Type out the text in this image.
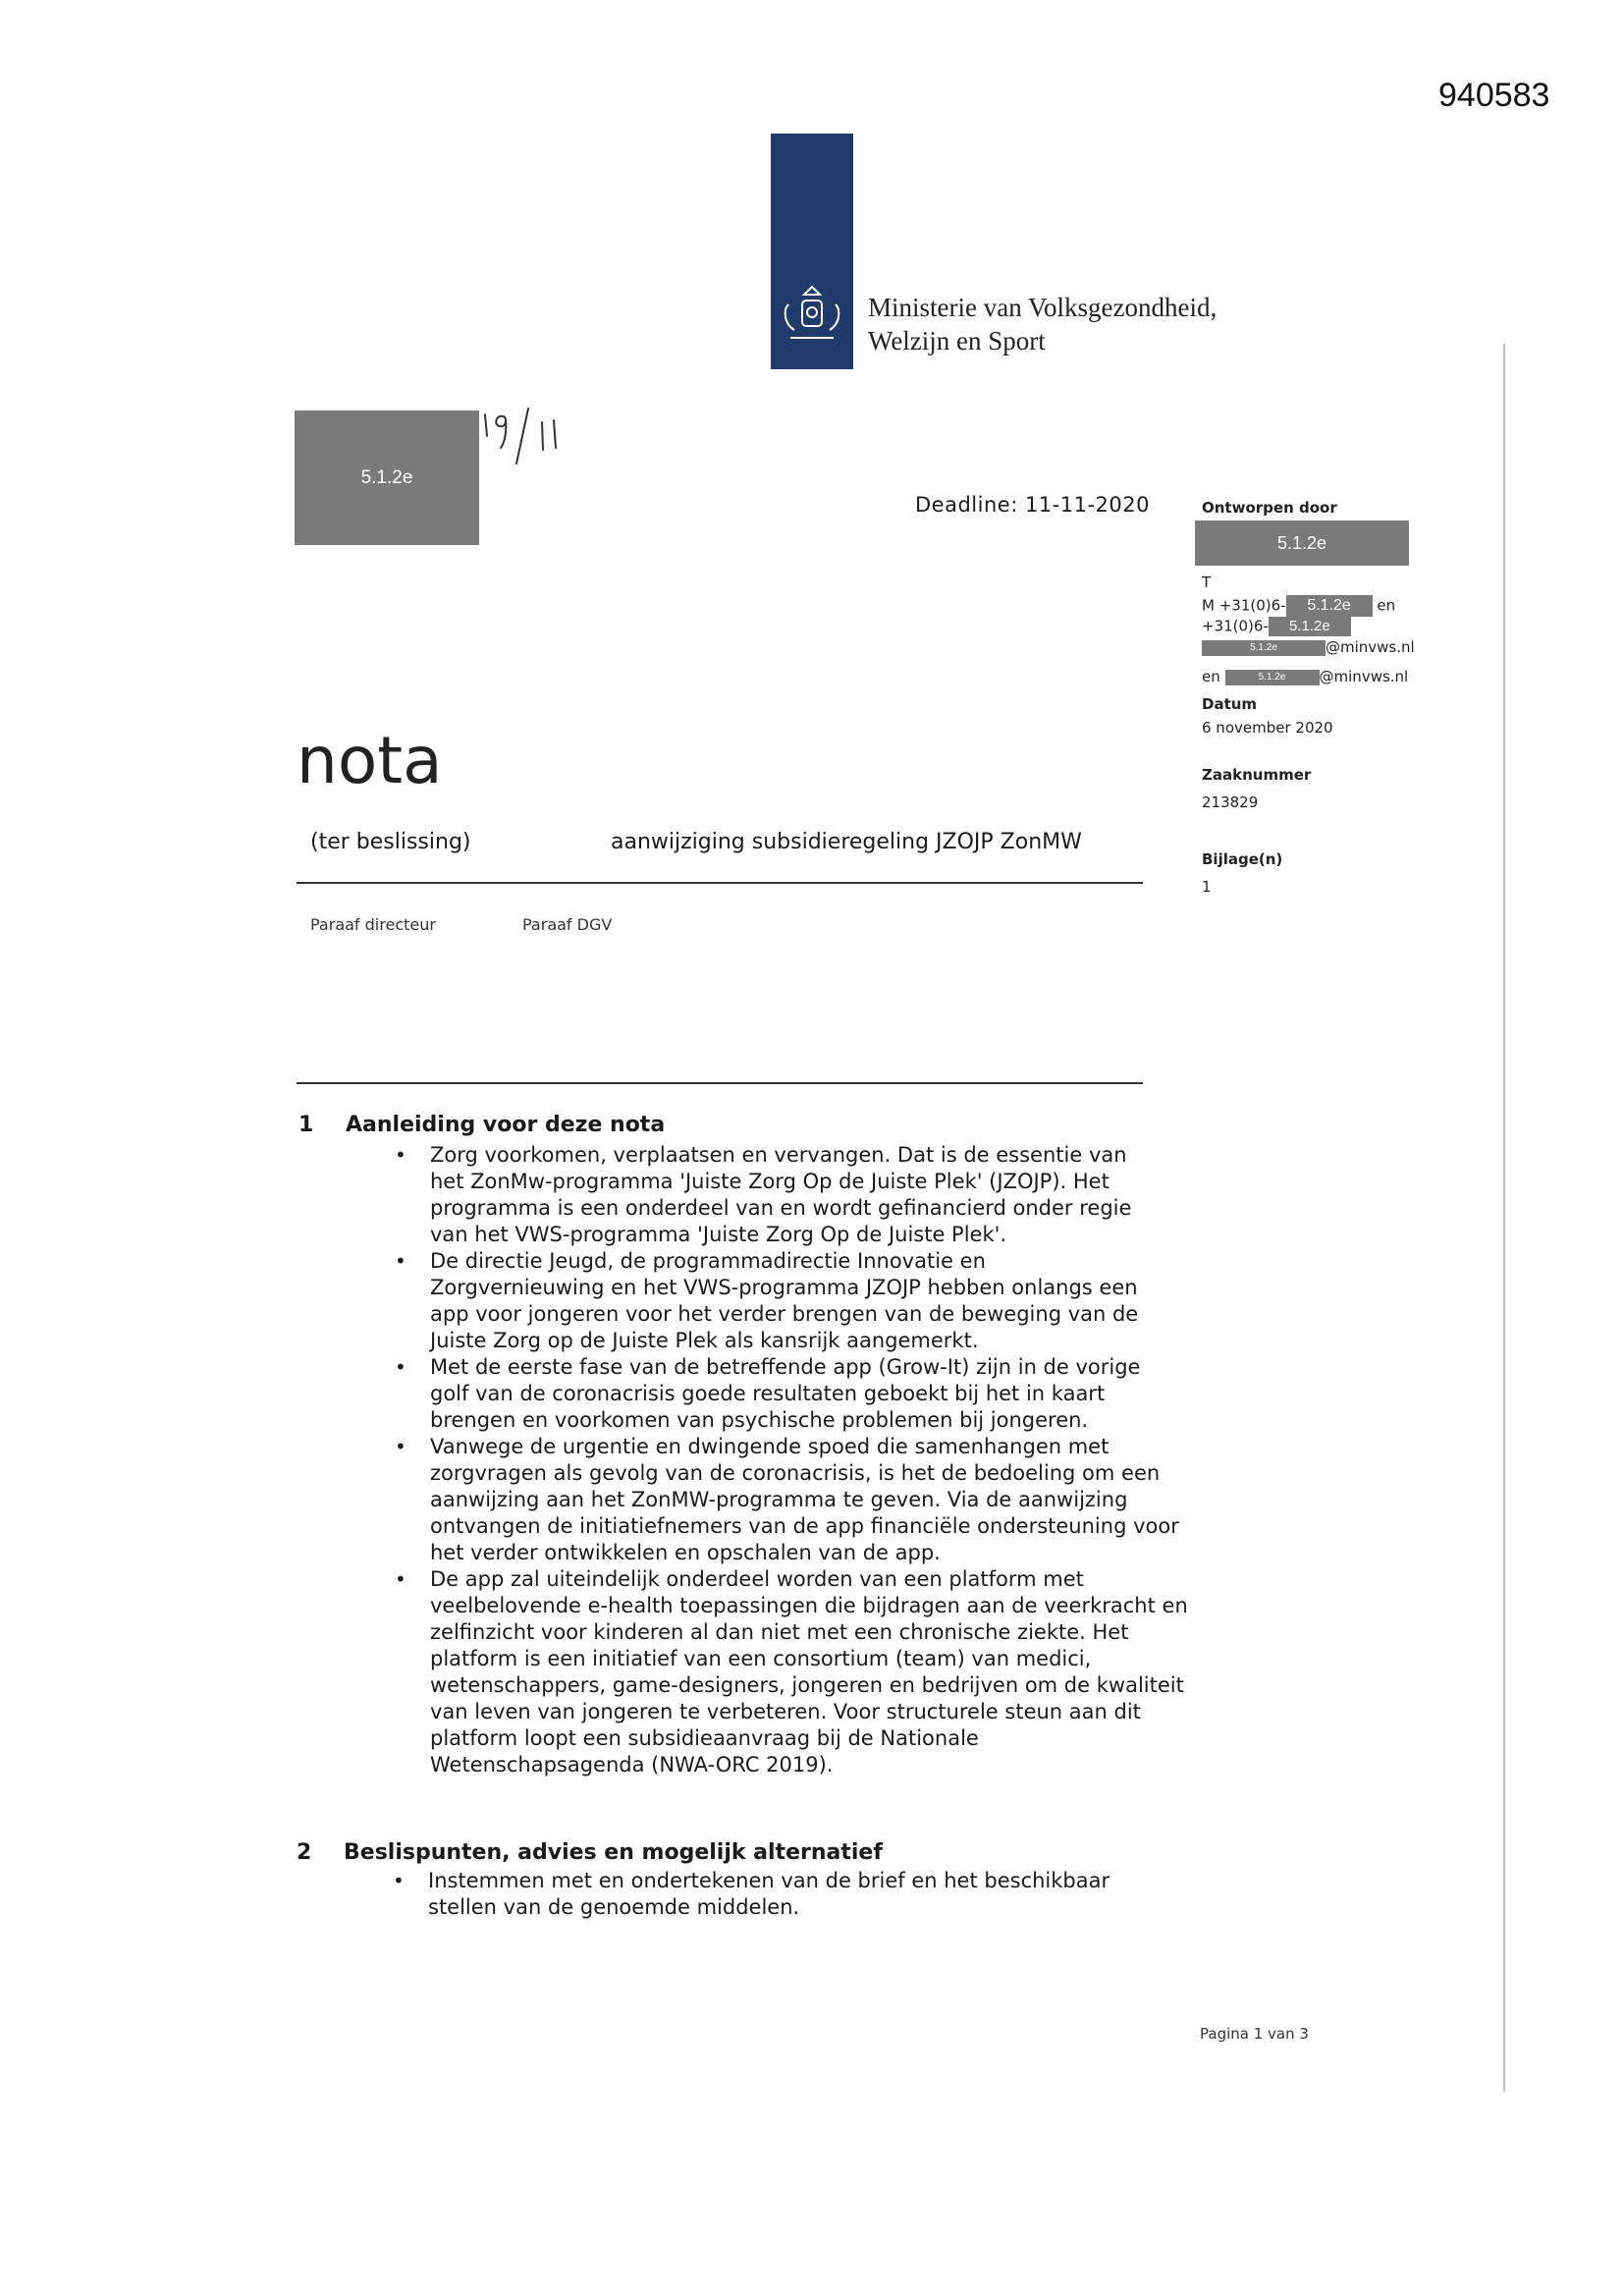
940583
Ministerie van Volksgezondheid,
Welzijn en Sport
5.1.2e
Deadline: 11-11-2020	Ontworpen door
5.1.2e
T
M +31(0)6- 5.1.2e en
+31(0)6- 5.1.2e
5.1.2e	@minvws.nl
en	5.1.2e @minvws.nl
Datum
6 november 2020
Zaaknummer
213829
Bijlage(n)
1
nota
(ter beslissing)	aanwijziging subsidieregeling JZOJP ZonMW
Paraaf directeur	Paraaf DGV
1 Aanleiding voor deze nota
• Zorg voorkomen, verplaatsen en vervangen. Dat is de essentie van
het ZonMw-programma 'Juiste Zorg Op de Juiste Plek' (JZOJP). Het
programma is een onderdeel van en wordt gefinancierd onder regie
van het VWS-programma 'Juiste Zorg Op de Juiste Plek'.
• De directie Jeugd, de programmadirectie Innovatie en
Zorgvernieuwing en het VWS-programma JZOJP hebben onlangs een
app voor jongeren voor het verder brengen van de beweging van de
Juiste Zorg op de Juiste Plek als kansrijk aangemerkt.
• Met de eerste fase van de betreffende app (Grow-It) zijn in de vorige
golf van de coronacrisis goede resultaten geboekt bij het in kaart
brengen en voorkomen van psychische problemen bij jongeren.
• Vanwege de urgentie en dwingende spoed die samenhangen met
zorgvragen als gevolg van de coronacrisis, is het de bedoeling om een
aanwijzing aan het ZonMW-programma te geven. Via de aanwijzing
ontvangen de initiatiefnemers van de app financiële ondersteuning voor
het verder ontwikkelen en opschalen van de app.
• De app zal uiteindelijk onderdeel worden van een platform met
veelbelovende e-health toepassingen die bijdragen aan de veerkracht en
zelfinzicht voor kinderen al dan niet met een chronische ziekte. Het
platform is een initiatief van een consortium (team) van medici,
wetenschappers, game-designers, jongeren en bedrijven om de kwaliteit
van leven van jongeren te verbeteren. Voor structurele steun aan dit
platform loopt een subsidieaanvraag bij de Nationale
Wetenschapsagenda (NWA-ORC 2019).
2 Beslispunten, advies en mogelijk alternatief
• Instemmen met en ondertekenen van de brief en het beschikbaar
stellen van de genoemde middelen.
Pagina 1 van 3
